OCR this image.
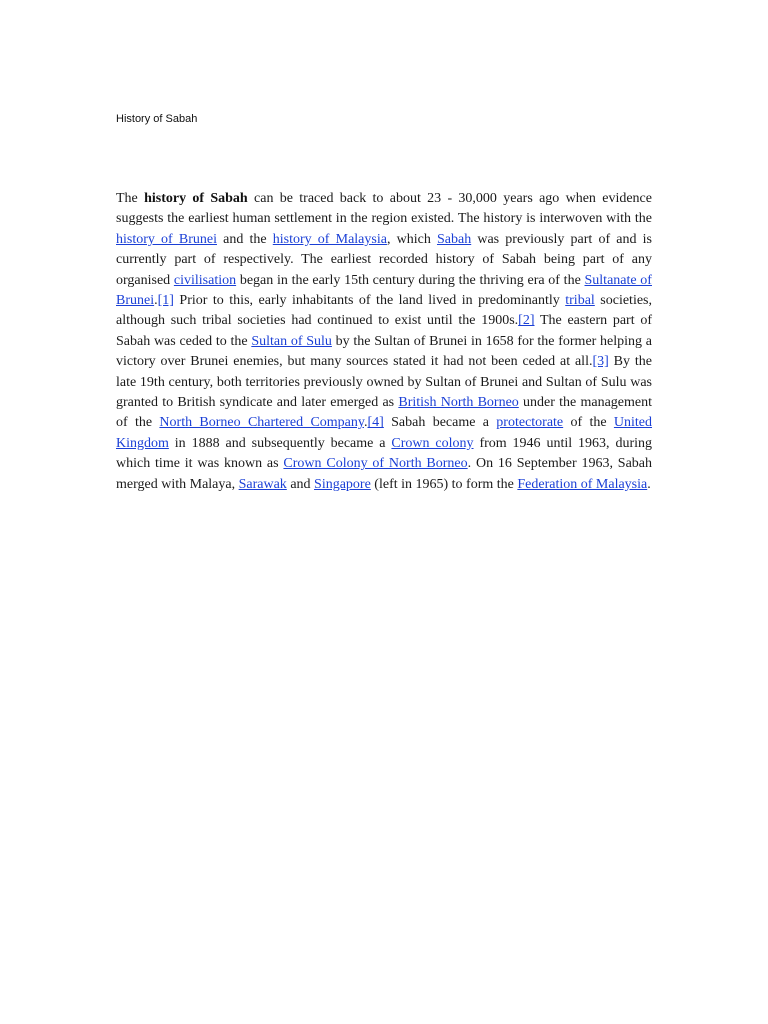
History of Sabah

The history of Sabah can be traced back to about 23 - 30,000 years ago when evidence suggests the earliest human settlement in the region existed. The history is interwoven with the history of Brunei and the history of Malaysia, which Sabah was previously part of and is currently part of respectively. The earliest recorded history of Sabah being part of any organised civilisation began in the early 15th century during the thriving era of the Sultanate of Brunei.[1] Prior to this, early inhabitants of the land lived in predominantly tribal societies, although such tribal societies had continued to exist until the 1900s.[2] The eastern part of Sabah was ceded to the Sultan of Sulu by the Sultan of Brunei in 1658 for the former helping a victory over Brunei enemies, but many sources stated it had not been ceded at all.[3] By the late 19th century, both territories previously owned by Sultan of Brunei and Sultan of Sulu was granted to British syndicate and later emerged as British North Borneo under the management of the North Borneo Chartered Company.[4] Sabah became a protectorate of the United Kingdom in 1888 and subsequently became a Crown colony from 1946 until 1963, during which time it was known as Crown Colony of North Borneo. On 16 September 1963, Sabah merged with Malaya, Sarawak and Singapore (left in 1965) to form the Federation of Malaysia.
